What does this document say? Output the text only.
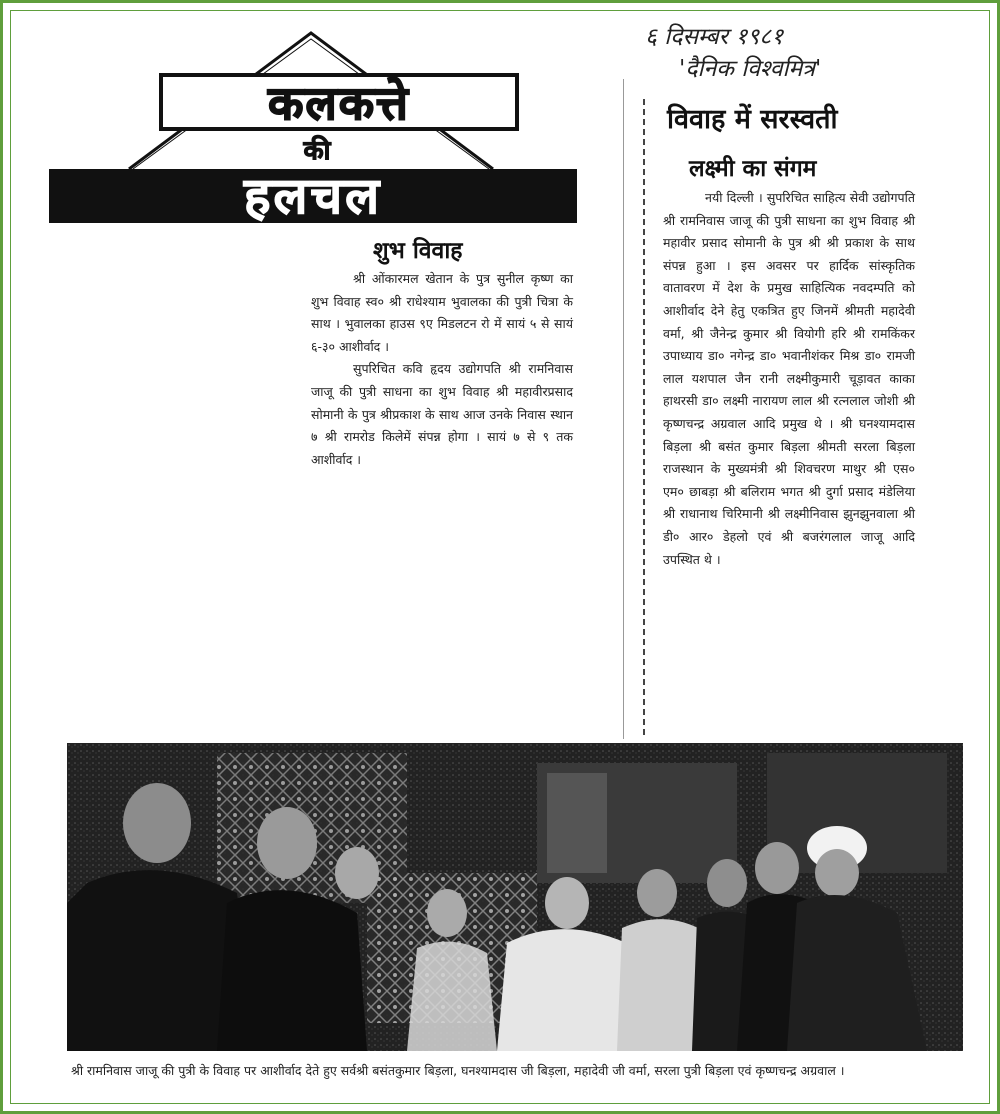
कलकत्ते
की
हलचल
शुभ विवाह

श्री ओंकारमल खेतान के पुत्र सुनील कृष्ण का शुभ विवाह स्व० श्री राधेश्याम भुवालका की पुत्री चित्रा के साथ । भुवालका हाउस ९ए मिडलटन रो में सायं ५ से सायं ६-३० आशीर्वाद ।

सुपरिचित कवि हृदय उद्योगपति श्री रामनिवास जाजू की पुत्री साधना का शुभ विवाह श्री महावीरप्रसाद सोमानी के पुत्र श्रीप्रकाश के साथ आज उनके निवास स्थान ७ श्री रामरोड किलेमें संपन्न होगा । सायं ७ से ९ तक आशीर्वाद ।

६ दिसम्बर १९८१
'दैनिक विश्वमित्र'
विवाह में सरस्वती
लक्ष्मी का संगम

नयी दिल्ली । सुपरिचित साहित्य सेवी उद्योगपति श्री रामनिवास जाजू की पुत्री साधना का शुभ विवाह श्री महावीर प्रसाद सोमानी के पुत्र श्री श्री प्रकाश के साथ संपन्न हुआ । इस अवसर पर हार्दिक सांस्कृतिक वातावरण में देश के प्रमुख साहित्यिक नवदम्पति को आशीर्वाद देने हेतु एकत्रित हुए जिनमें श्रीमती महादेवी वर्मा, श्री जैनेन्द्र कुमार श्री वियोगी हरि श्री रामकिंकर उपाध्याय डा० नगेन्द्र डा० भवानीशंकर मिश्र डा० रामजी लाल यशपाल जैन रानी लक्ष्मीकुमारी चूड़ावत काका हाथरसी डा० लक्ष्मी नारायण लाल श्री रत्नलाल जोशी श्री कृष्णचन्द्र अग्रवाल आदि प्रमुख थे । श्री घनश्यामदास बिड़ला श्री बसंत कुमार बिड़ला श्रीमती सरला बिड़ला राजस्थान के मुख्यमंत्री श्री शिवचरण माथुर श्री एस० एम० छाबड़ा श्री बलिराम भगत श्री दुर्गा प्रसाद मंडेलिया श्री राधानाथ चिरिमानी श्री लक्ष्मीनिवास झुनझुनवाला श्री डी० आर० डेहलो एवं श्री बजरंगलाल जाजू आदि उपस्थित थे ।

श्री रामनिवास जाजू की पुत्री के विवाह पर आशीर्वाद देते हुए सर्वश्री बसंतकुमार बिड़ला, घनश्यामदास जी बिड़ला, महादेवी जी वर्मा, सरला पुत्री बिड़ला एवं कृष्णचन्द्र अग्रवाल ।
